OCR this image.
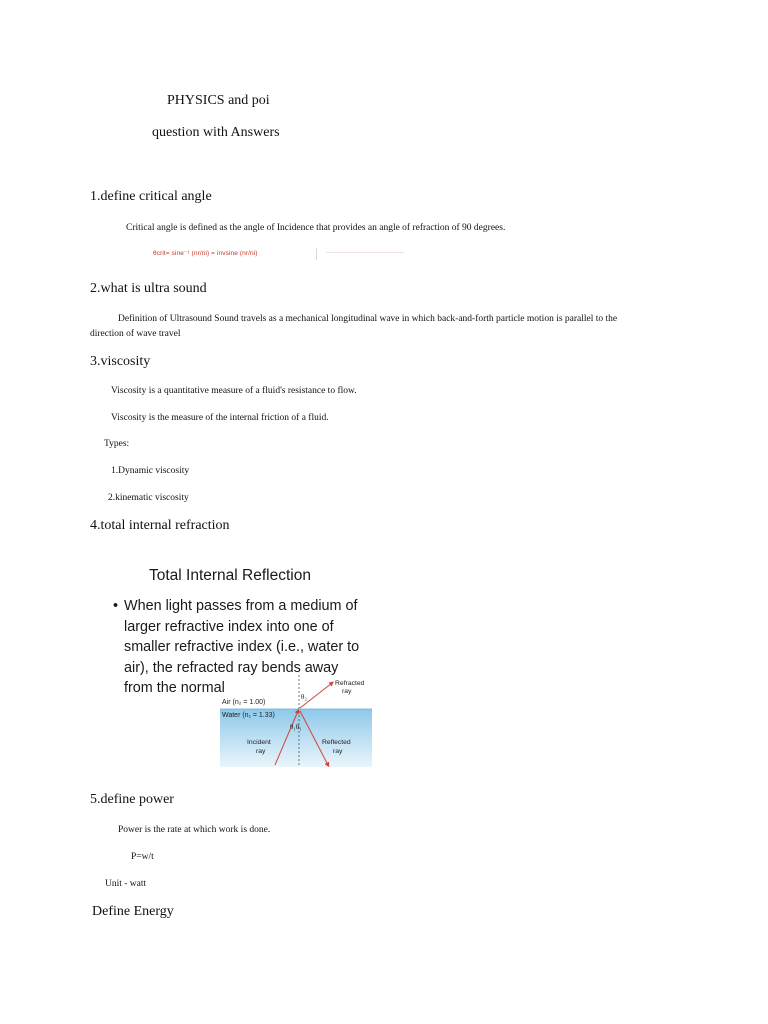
PHYSICS and poi
question with Answers
1.define critical angle
Critical angle is defined as the angle of Incidence that provides an angle of refraction of 90 degrees.
θcrit= sine⁻¹ (nr/ni) = invsine (nr/ni)
2.what is ultra sound
Definition of Ultrasound Sound travels as a mechanical longitudinal wave in which back-and-forth particle motion is parallel to the
direction of wave travel
3.viscosity
Viscosity is a quantitative measure of a fluid's resistance to flow.
Viscosity is the measure of the internal friction of a fluid.
Types:
1.Dynamic viscosity
2.kinematic viscosity
4.total internal refraction
Total Internal Reflection
• When light passes from a medium of
larger refractive index into one of
smaller refractive index (i.e., water to
air), the refracted ray bends away
from the normal
Air (n₂ = 1.00)
Water (n₁ = 1.33)
θ₂
θ₁θ₁
Refracted
ray
Incident
ray
Reflected
ray
5.define power
Power is the rate at which work is done.
P=w/t
Unit - watt
Define Energy
